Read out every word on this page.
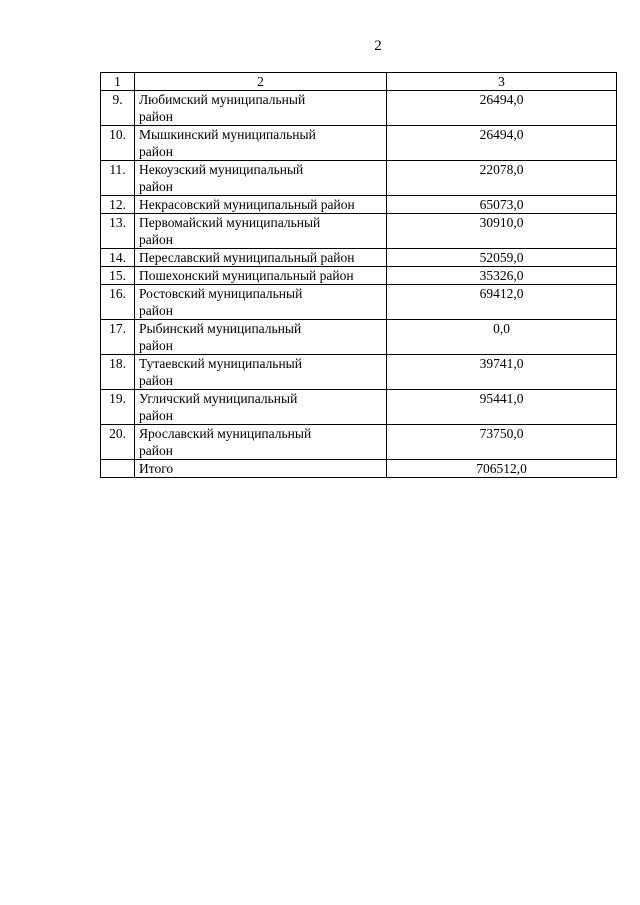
2
1	2	3
9.	Любимский муниципальный район	26494,0
10.	Мышкинский муниципальный район	26494,0
11.	Некоузский муниципальный район	22078,0
12.	Некрасовский муниципальный район	65073,0
13.	Первомайский муниципальный район	30910,0
14.	Переславский муниципальный район	52059,0
15.	Пошехонский муниципальный район	35326,0
16.	Ростовский муниципальный район	69412,0
17.	Рыбинский муниципальный район	0,0
18.	Тутаевский муниципальный район	39741,0
19.	Угличский муниципальный район	95441,0
20.	Ярославский муниципальный район	73750,0
	Итого	706512,0
